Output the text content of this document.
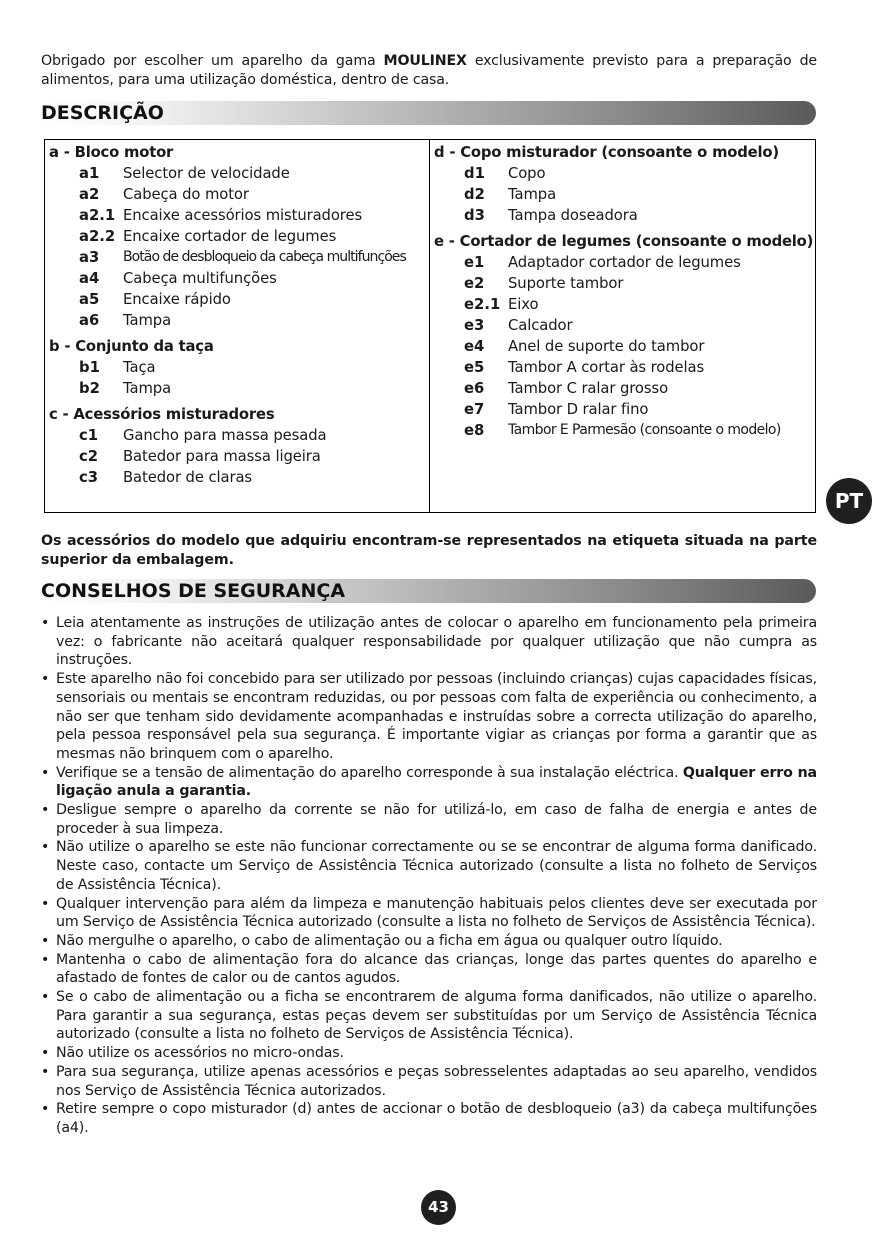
Obrigado por escolher um aparelho da gama MOULINEX exclusivamente previsto para a preparação de alimentos, para uma utilização doméstica, dentro de casa.

DESCRIÇÃO
a - Bloco motor
a1	Selector de velocidade
a2	Cabeça do motor
a2.1 Encaixe acessórios misturadores
a2.2 Encaixe cortador de legumes
a3	Botão de desbloqueio da cabeça multifunções
a4	Cabeça multifunções
a5	Encaixe rápido
a6	Tampa
b - Conjunto da taça
b1	Taça
b2	Tampa
c - Acessórios misturadores
c1	Gancho para massa pesada
c2	Batedor para massa ligeira
c3	Batedor de claras
d - Copo misturador (consoante o modelo)
d1	Copo
d2	Tampa
d3	Tampa doseadora
e - Cortador de legumes (consoante o modelo)
e1	Adaptador cortador de legumes
e2	Suporte tambor
e2.1 Eixo
e3	Calcador
e4	Anel de suporte do tambor
e5	Tambor A cortar às rodelas
e6	Tambor C ralar grosso
e7	Tambor D ralar fino
e8	Tambor E Parmesão (consoante o modelo)

Os acessórios do modelo que adquiriu encontram-se representados na etiqueta situada na parte superior da embalagem.

PT
CONSELHOS DE SEGURANÇA
• Leia atentamente as instruções de utilização antes de colocar o aparelho em funcionamento pela primeira vez: o fabricante não aceitará qualquer responsabilidade por qualquer utilização que não cumpra as instruções.
• Este aparelho não foi concebido para ser utilizado por pessoas (incluindo crianças) cujas capacidades físicas, sensoriais ou mentais se encontram reduzidas, ou por pessoas com falta de experiência ou conhecimento, a não ser que tenham sido devidamente acompanhadas e instruídas sobre a correcta utilização do aparelho, pela pessoa responsável pela sua segurança. É importante vigiar as crianças por forma a garantir que as mesmas não brinquem com o aparelho.
• Verifique se a tensão de alimentação do aparelho corresponde à sua instalação eléctrica. Qualquer erro na ligação anula a garantia.
• Desligue sempre o aparelho da corrente se não for utilizá-lo, em caso de falha de energia e antes de proceder à sua limpeza.
• Não utilize o aparelho se este não funcionar correctamente ou se se encontrar de alguma forma danificado. Neste caso, contacte um Serviço de Assistência Técnica autorizado (consulte a lista no folheto de Serviços de Assistência Técnica).
• Qualquer intervenção para além da limpeza e manutenção habituais pelos clientes deve ser executada por um Serviço de Assistência Técnica autorizado (consulte a lista no folheto de Serviços de Assistência Técnica).
• Não mergulhe o aparelho, o cabo de alimentação ou a ficha em água ou qualquer outro líquido.
• Mantenha o cabo de alimentação fora do alcance das crianças, longe das partes quentes do aparelho e afastado de fontes de calor ou de cantos agudos.
• Se o cabo de alimentação ou a ficha se encontrarem de alguma forma danificados, não utilize o aparelho. Para garantir a sua segurança, estas peças devem ser substituídas por um Serviço de Assistência Técnica autorizado (consulte a lista no folheto de Serviços de Assistência Técnica).
• Não utilize os acessórios no micro-ondas.
• Para sua segurança, utilize apenas acessórios e peças sobresselentes adaptadas ao seu aparelho, vendidos nos Serviço de Assistência Técnica autorizados.
• Retire sempre o copo misturador (d) antes de accionar o botão de desbloqueio (a3) da cabeça multifunções (a4).
43
